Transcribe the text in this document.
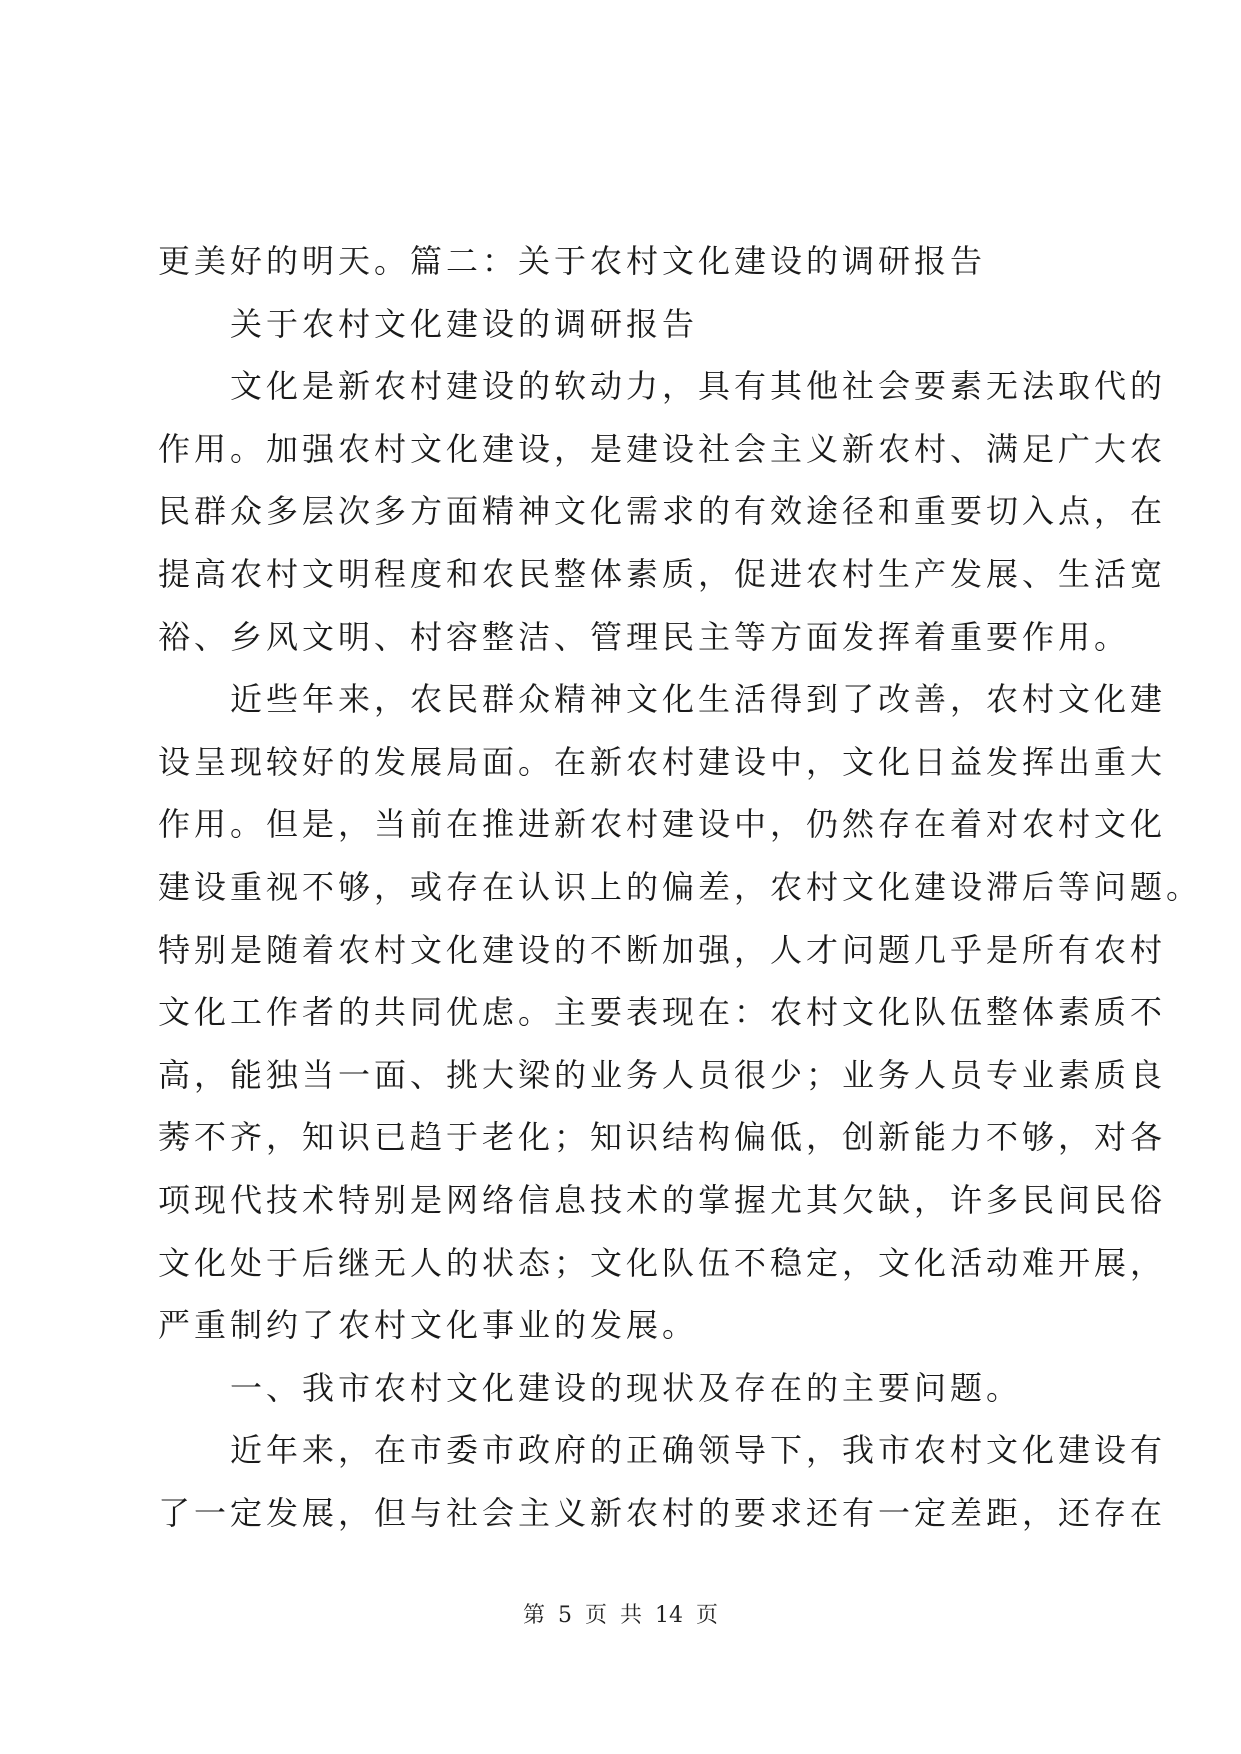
更美好的明天。篇二：关于农村文化建设的调研报告
　　关于农村文化建设的调研报告
　　文化是新农村建设的软动力，具有其他社会要素无法取代的
作用。加强农村文化建设，是建设社会主义新农村、满足广大农
民群众多层次多方面精神文化需求的有效途径和重要切入点，在
提高农村文明程度和农民整体素质，促进农村生产发展、生活宽
裕、乡风文明、村容整洁、管理民主等方面发挥着重要作用。
　　近些年来，农民群众精神文化生活得到了改善，农村文化建
设呈现较好的发展局面。在新农村建设中，文化日益发挥出重大
作用。但是，当前在推进新农村建设中，仍然存在着对农村文化
建设重视不够，或存在认识上的偏差，农村文化建设滞后等问题。
特别是随着农村文化建设的不断加强，人才问题几乎是所有农村
文化工作者的共同优虑。主要表现在：农村文化队伍整体素质不
高，能独当一面、挑大梁的业务人员很少；业务人员专业素质良
莠不齐，知识已趋于老化；知识结构偏低，创新能力不够，对各
项现代技术特别是网络信息技术的掌握尤其欠缺，许多民间民俗
文化处于后继无人的状态；文化队伍不稳定，文化活动难开展，
严重制约了农村文化事业的发展。
　　一、我市农村文化建设的现状及存在的主要问题。
　　近年来，在市委市政府的正确领导下，我市农村文化建设有
了一定发展，但与社会主义新农村的要求还有一定差距，还存在
第 5 页 共 14 页
